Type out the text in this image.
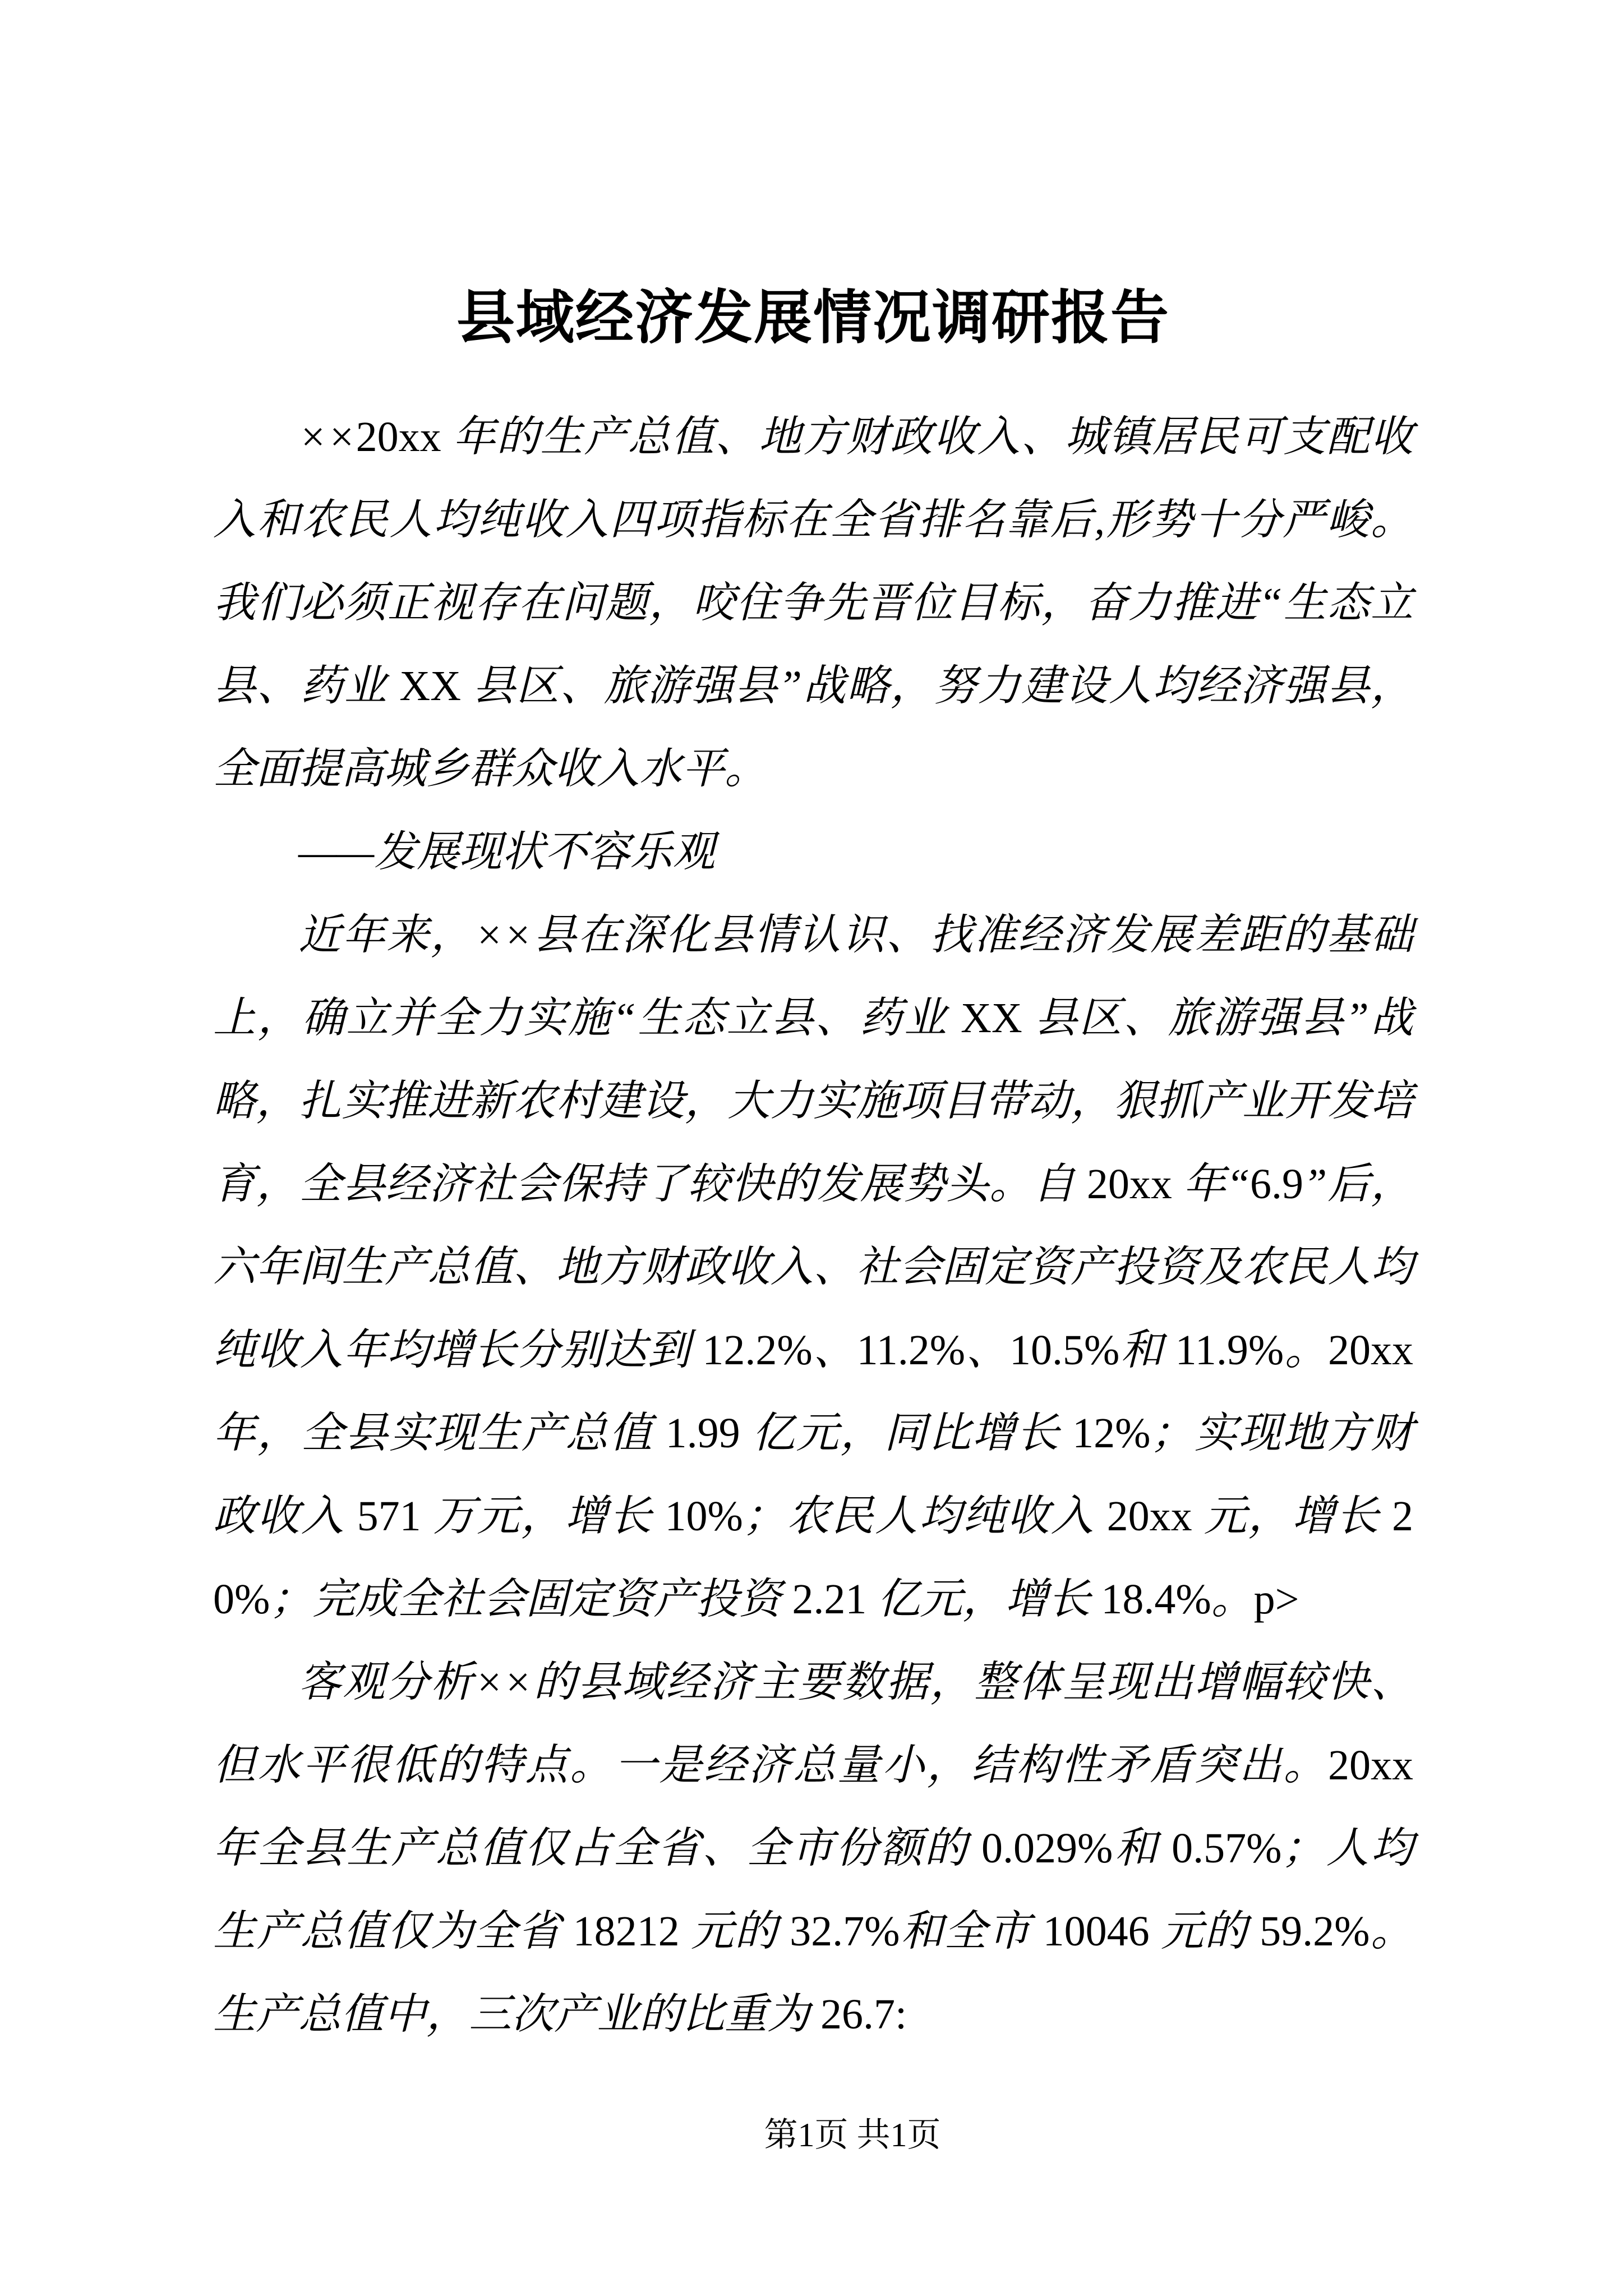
县域经济发展情况调研报告

××20xx 年的生产总值、地方财政收入、城镇居民可支配收入和农民人均纯收入四项指标在全省排名靠后,形势十分严峻。我们必须正视存在问题，咬住争先晋位目标，奋力推进“生态立县、药业 XX 县区、旅游强县”战略，努力建设人均经济强县，全面提高城乡群众收入水平。

——发展现状不容乐观

近年来，××县在深化县情认识、找准经济发展差距的基础上，确立并全力实施“生态立县、药业 XX 县区、旅游强县”战略，扎实推进新农村建设，大力实施项目带动，狠抓产业开发培育，全县经济社会保持了较快的发展势头。自 20xx 年“6.9”后，六年间生产总值、地方财政收入、社会固定资产投资及农民人均纯收入年均增长分别达到 12.2%、11.2%、10.5%和 11.9%。20xx 年，全县实现生产总值 1.99 亿元，同比增长 12%；实现地方财政收入 571 万元，增长 10%；农民人均纯收入 20xx 元，增长 20%；完成全社会固定资产投资 2.21 亿元，增长 18.4%。p>

客观分析××的县域经济主要数据，整体呈现出增幅较快、但水平很低的特点。一是经济总量小，结构性矛盾突出。20xx 年全县生产总值仅占全省、全市份额的 0.029%和 0.57%；人均生产总值仅为全省 18212 元的 32.7%和全市 10046 元的 59.2%。生产总值中，三次产业的比重为 26.7:

第1页 共1页
